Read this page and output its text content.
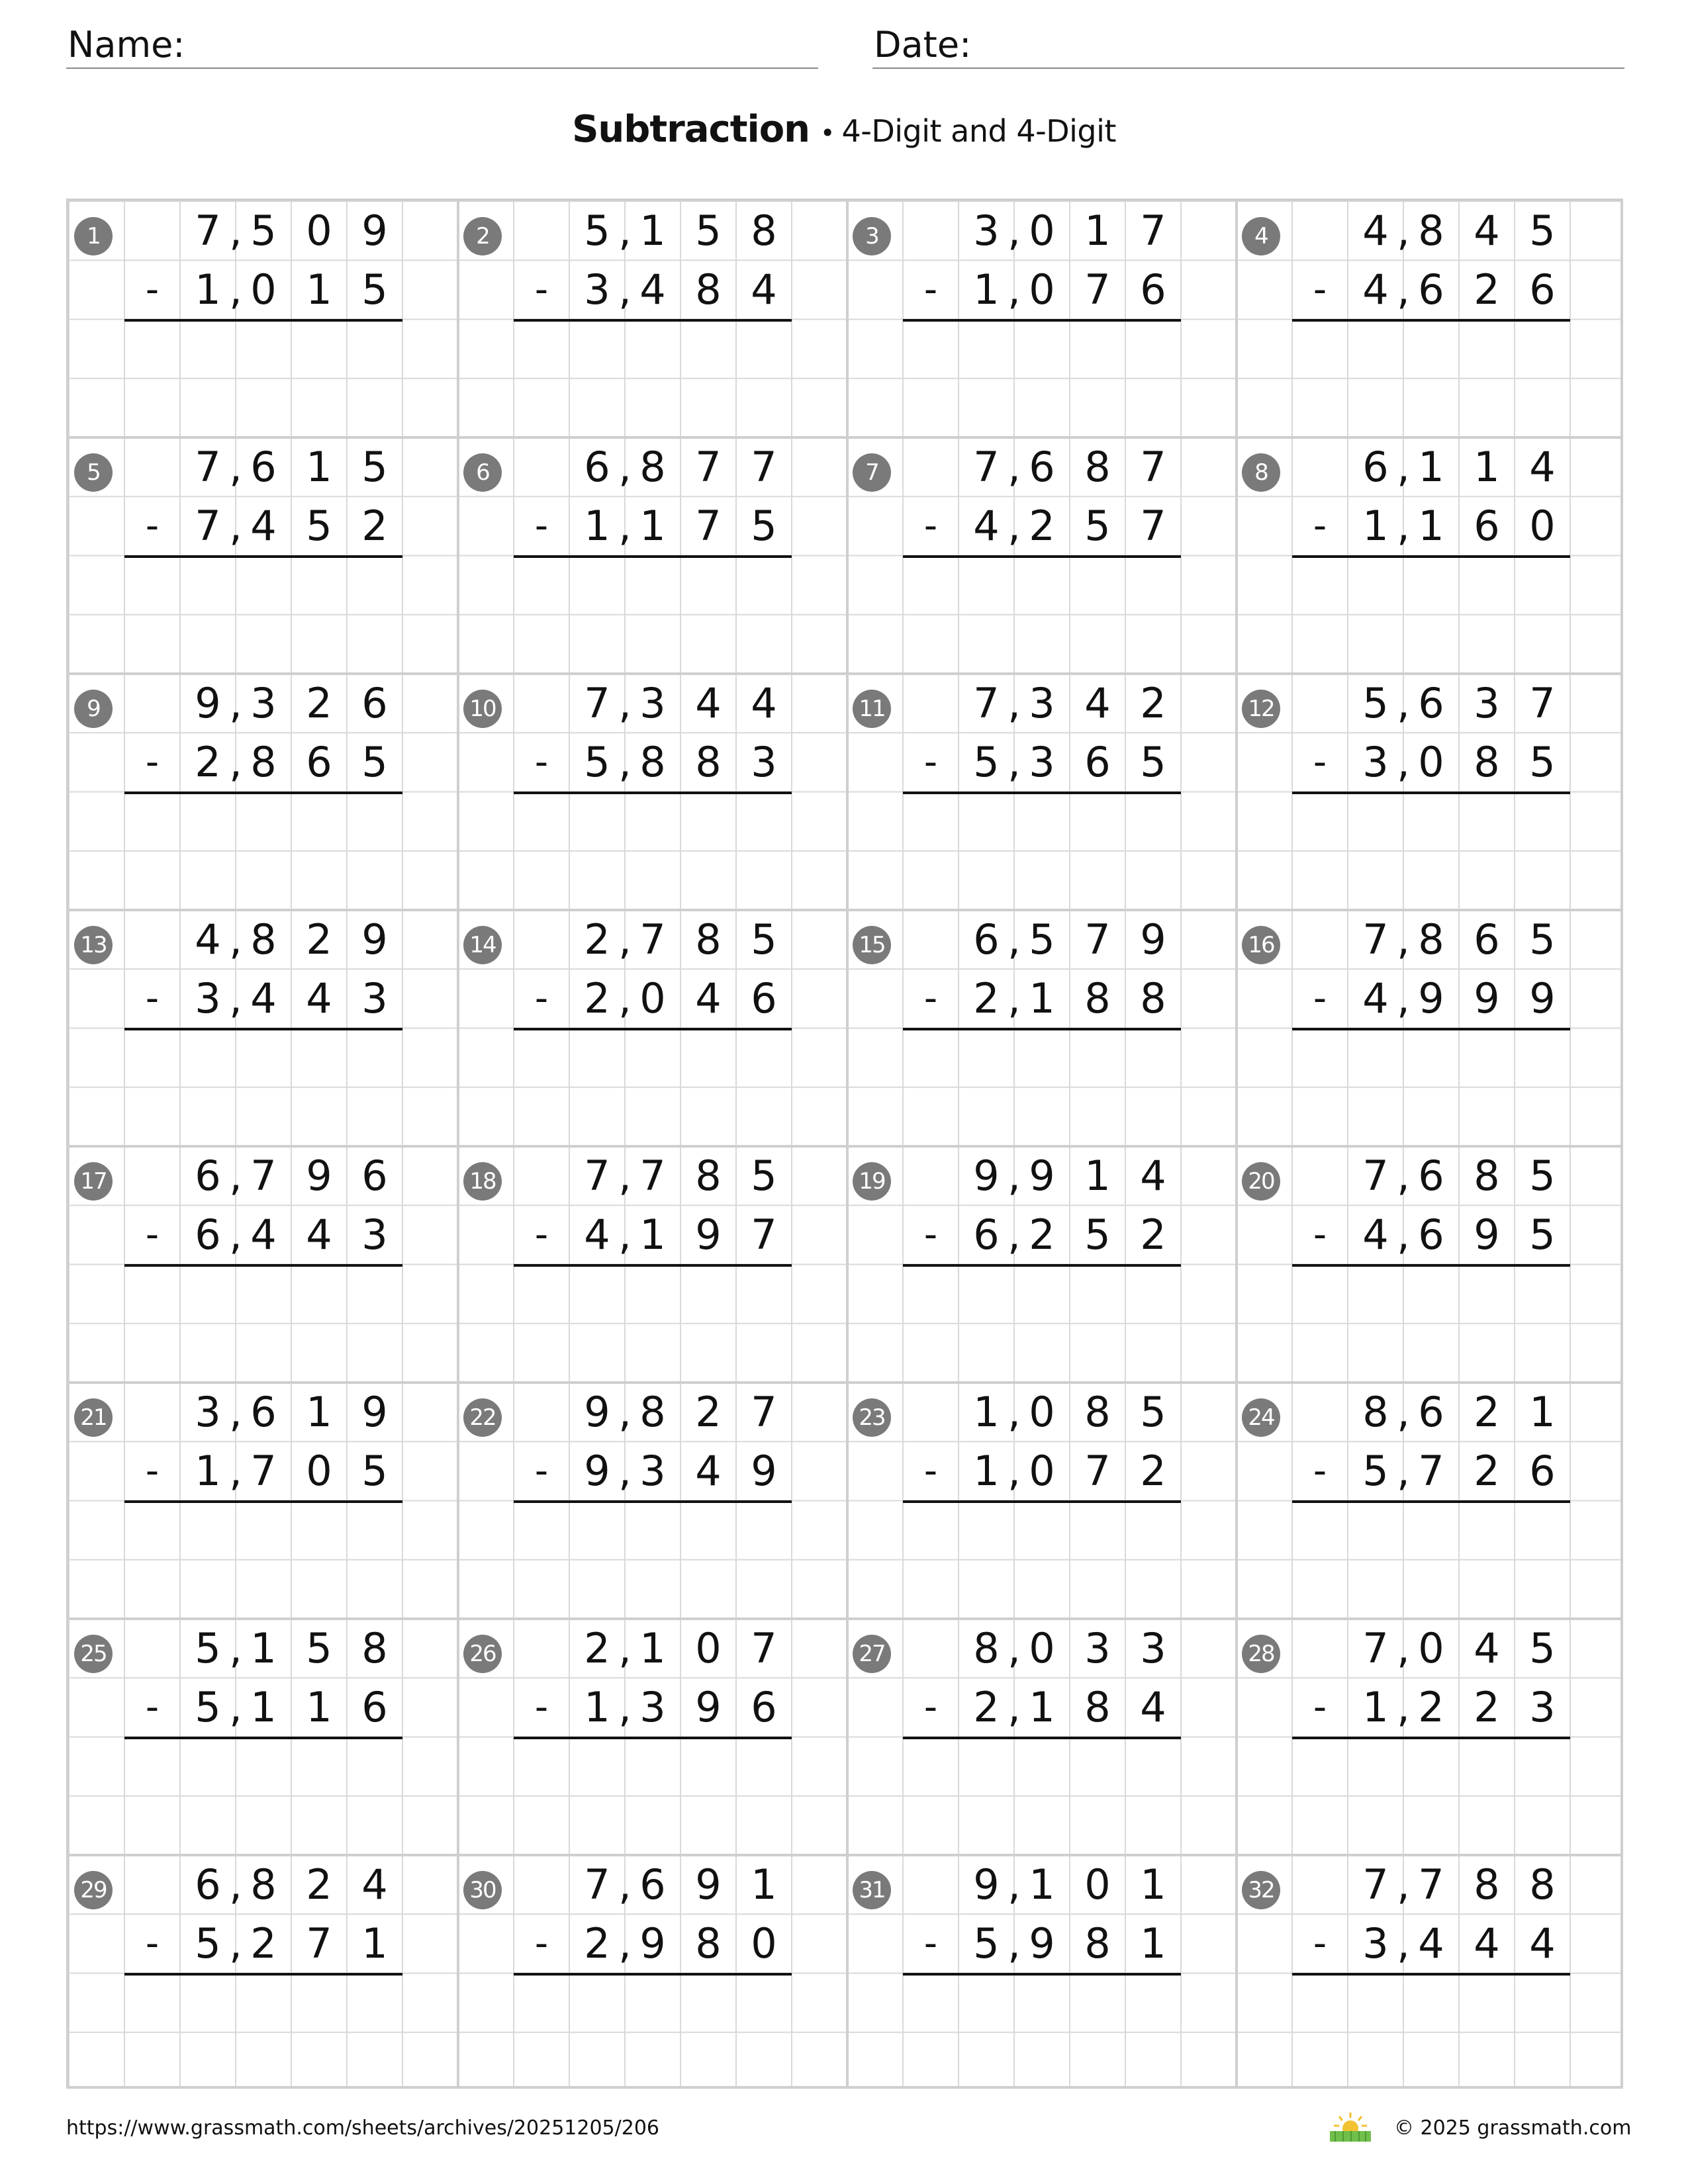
Name:	Date:
Subtraction • 4-Digit and 4-Digit
1	7 5 0 9
,
- 1 0 1 5
,
2	5 1 5 8
,
- 3 4 8 4
,
3	3 0 1 7
,
- 1 0 7 6
,
4	4 8 4 5
,
- 4 6 2 6
,
5	7 6 1 5
,
- 7 4 5 2
,
6	6 8 7 7
,
- 1 1 7 5
,
7	7 6 8 7
,
- 4 2 5 7
,
8	6 1 1 4
,
- 1 1 6 0
,
9	9 3 2 6
,
- 2 8 6 5
,
10	7 3 4 4
,
- 5 8 8 3
,
11	7 3 4 2
,
- 5 3 6 5
,
12	5 6 3 7
,
- 3 0 8 5
,
13	4 8 2 9
,
- 3 4 4 3
,
14	2 7 8 5
,
- 2 0 4 6
,
15	6 5 7 9
,
- 2 1 8 8
,
16	7 8 6 5
,
- 4 9 9 9
,
17	6 7 9 6
,
- 6 4 4 3
,
18	7 7 8 5
,
- 4 1 9 7
,
19	9 9 1 4
,
- 6 2 5 2
,
20	7 6 8 5
,
- 4 6 9 5
,
21	3 6 1 9
,
- 1 7 0 5
,
22	9 8 2 7
,
- 9 3 4 9
,
23	1 0 8 5
,
- 1 0 7 2
,
24	8 6 2 1
,
- 5 7 2 6
,
25	5 1 5 8
,
- 5 1 1 6
,
26	2 1 0 7
,
- 1 3 9 6
,
27	8 0 3 3
,
- 2 1 8 4
,
28	7 0 4 5
,
- 1 2 2 3
,
29	6 8 2 4
,
- 5 2 7 1
,
30	7 6 9 1
,
- 2 9 8 0
,
31	9 1 0 1
,
- 5 9 8 1
,
32	7 7 8 8
,
- 3 4 4 4
,
https://www.grassmath.com/sheets/archives/20251205/206	© 2025 grassmath.com
